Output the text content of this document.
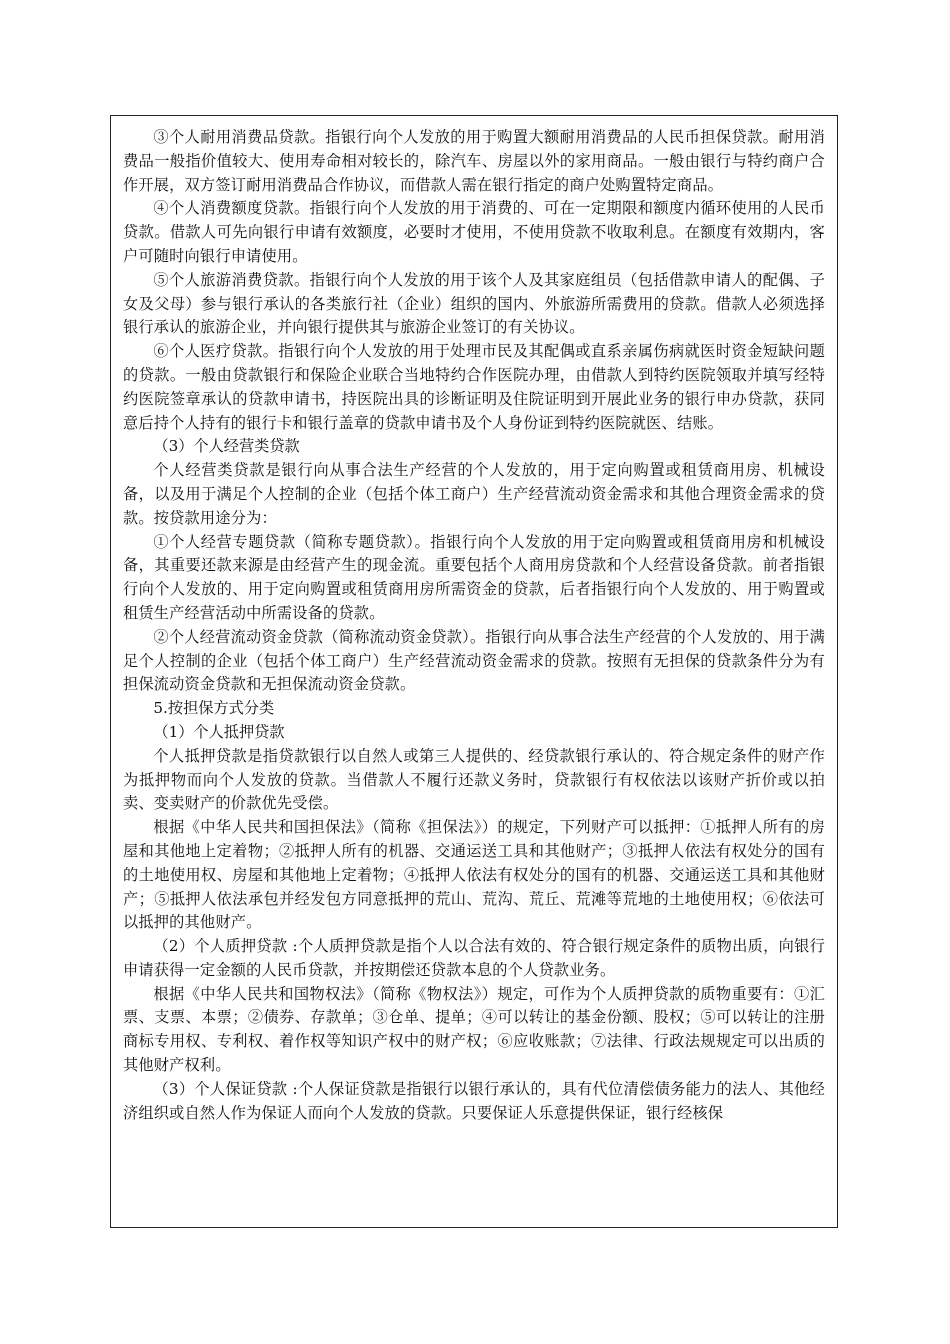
③个人耐用消费品贷款。指银行向个人发放的用于购置大额耐用消费品的人民币担保贷款。耐用消费品一般指价值较大、使用寿命相对较长的，除汽车、房屋以外的家用商品。一般由银行与特约商户合作开展，双方签订耐用消费品合作协议，而借款人需在银行指定的商户处购置特定商品。

④个人消费额度贷款。指银行向个人发放的用于消费的、可在一定期限和额度内循环使用的人民币贷款。借款人可先向银行申请有效额度，必要时才使用，不使用贷款不收取利息。在额度有效期内，客户可随时向银行申请使用。

⑤个人旅游消费贷款。指银行向个人发放的用于该个人及其家庭组员（包括借款申请人的配偶、子女及父母）参与银行承认的各类旅行社（企业）组织的国内、外旅游所需费用的贷款。借款人必须选择银行承认的旅游企业，并向银行提供其与旅游企业签订的有关协议。

⑥个人医疗贷款。指银行向个人发放的用于处理市民及其配偶或直系亲属伤病就医时资金短缺问题的贷款。一般由贷款银行和保险企业联合当地特约合作医院办理，由借款人到特约医院领取并填写经特约医院签章承认的贷款申请书，持医院出具的诊断证明及住院证明到开展此业务的银行申办贷款，获同意后持个人持有的银行卡和银行盖章的贷款申请书及个人身份证到特约医院就医、结账。

（3）个人经营类贷款

个人经营类贷款是银行向从事合法生产经营的个人发放的，用于定向购置或租赁商用房、机械设备，以及用于满足个人控制的企业（包括个体工商户）生产经营流动资金需求和其他合理资金需求的贷款。按贷款用途分为：

①个人经营专题贷款（简称专题贷款）。指银行向个人发放的用于定向购置或租赁商用房和机械设备，其重要还款来源是由经营产生的现金流。重要包括个人商用房贷款和个人经营设备贷款。前者指银行向个人发放的、用于定向购置或租赁商用房所需资金的贷款，后者指银行向个人发放的、用于购置或租赁生产经营活动中所需设备的贷款。

②个人经营流动资金贷款（简称流动资金贷款）。指银行向从事合法生产经营的个人发放的、用于满足个人控制的企业（包括个体工商户）生产经营流动资金需求的贷款。按照有无担保的贷款条件分为有担保流动资金贷款和无担保流动资金贷款。

5.按担保方式分类

（1）个人抵押贷款

个人抵押贷款是指贷款银行以自然人或第三人提供的、经贷款银行承认的、符合规定条件的财产作为抵押物而向个人发放的贷款。当借款人不履行还款义务时，贷款银行有权依法以该财产折价或以拍卖、变卖财产的价款优先受偿。

根据《中华人民共和国担保法》（简称《担保法》）的规定，下列财产可以抵押：①抵押人所有的房屋和其他地上定着物；②抵押人所有的机器、交通运送工具和其他财产；③抵押人依法有权处分的国有的土地使用权、房屋和其他地上定着物；④抵押人依法有权处分的国有的机器、交通运送工具和其他财产；⑤抵押人依法承包并经发包方同意抵押的荒山、荒沟、荒丘、荒滩等荒地的土地使用权；⑥依法可以抵押的其他财产。

（2）个人质押贷款 :个人质押贷款是指个人以合法有效的、符合银行规定条件的质物出质，向银行申请获得一定金额的人民币贷款，并按期偿还贷款本息的个人贷款业务。

根据《中华人民共和国物权法》（简称《物权法》）规定，可作为个人质押贷款的质物重要有：①汇票、支票、本票；②债券、存款单；③仓单、提单；④可以转让的基金份额、股权；⑤可以转让的注册商标专用权、专利权、着作权等知识产权中的财产权；⑥应收账款；⑦法律、行政法规规定可以出质的其他财产权利。

（3）个人保证贷款 :个人保证贷款是指银行以银行承认的，具有代位清偿债务能力的法人、其他经济组织或自然人作为保证人而向个人发放的贷款。只要保证人乐意提供保证，银行经核保
